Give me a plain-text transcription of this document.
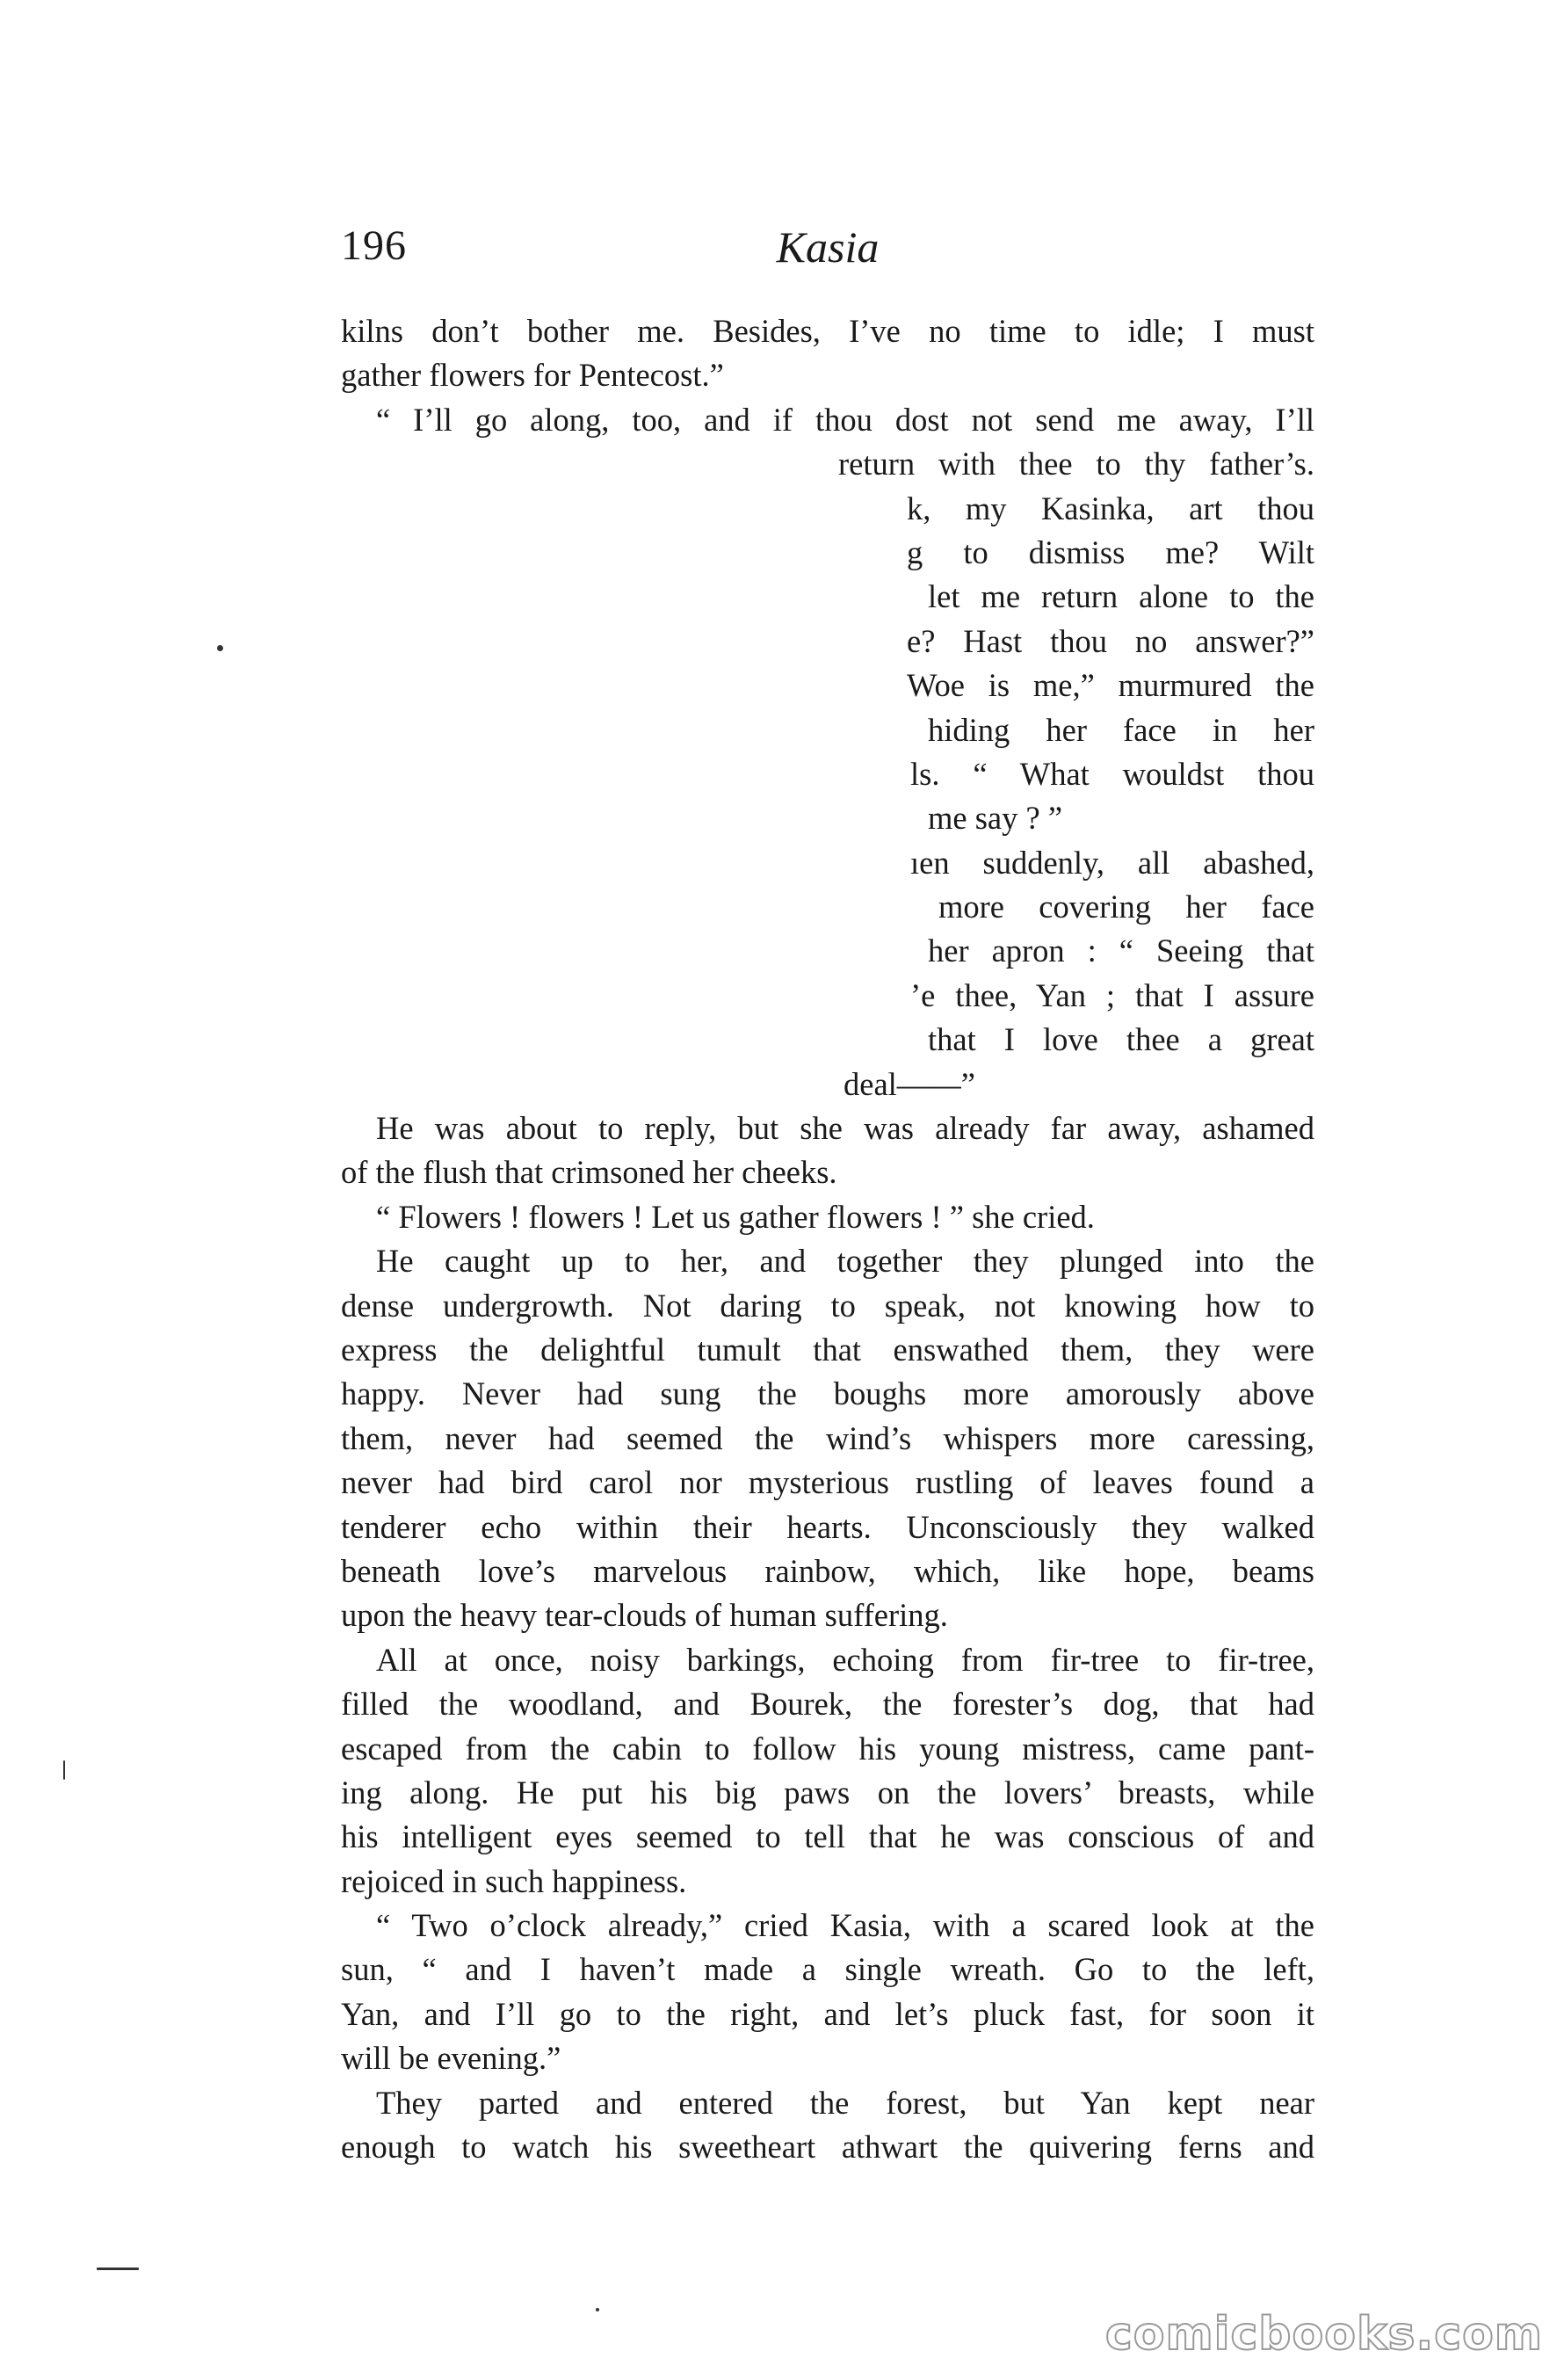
196	Kasia
kilns don’t bother me. Besides, I’ve no time to idle; I must
gather flowers for Pentecost.”
“ I’ll go along, too, and if thou dost not send me away, I’ll
return with thee to thy father’s.
k, my Kasinka, art thou
g to dismiss me? Wilt
let me return alone to the
e? Hast thou no answer?”
Woe is me,” murmured the
hiding her face in her
ls. “ What wouldst thou
me say ? ”
ıen suddenly, all abashed,
more covering her face
her apron : “ Seeing that
’e thee, Yan ; that I assure
that I love thee a great
deal——”
He was about to reply, but she was already far away, ashamed
of the flush that crimsoned her cheeks.
“ Flowers ! flowers ! Let us gather flowers ! ” she cried.
He caught up to her, and together they plunged into the
dense undergrowth. Not daring to speak, not knowing how to
express the delightful tumult that enswathed them, they were
happy. Never had sung the boughs more amorously above
them, never had seemed the wind’s whispers more caressing,
never had bird carol nor mysterious rustling of leaves found a
tenderer echo within their hearts. Unconsciously they walked
beneath love’s marvelous rainbow, which, like hope, beams
upon the heavy tear-clouds of human suffering.
All at once, noisy barkings, echoing from fir-tree to fir-tree,
filled the woodland, and Bourek, the forester’s dog, that had
escaped from the cabin to follow his young mistress, came pant-
ing along. He put his big paws on the lovers’ breasts, while
his intelligent eyes seemed to tell that he was conscious of and
rejoiced in such happiness.
“ Two o’clock already,” cried Kasia, with a scared look at the
sun, “ and I haven’t made a single wreath. Go to the left,
Yan, and I’ll go to the right, and let’s pluck fast, for soon it
will be evening.”
They parted and entered the forest, but Yan kept near
enough to watch his sweetheart athwart the quivering ferns and
comicbooks.com
